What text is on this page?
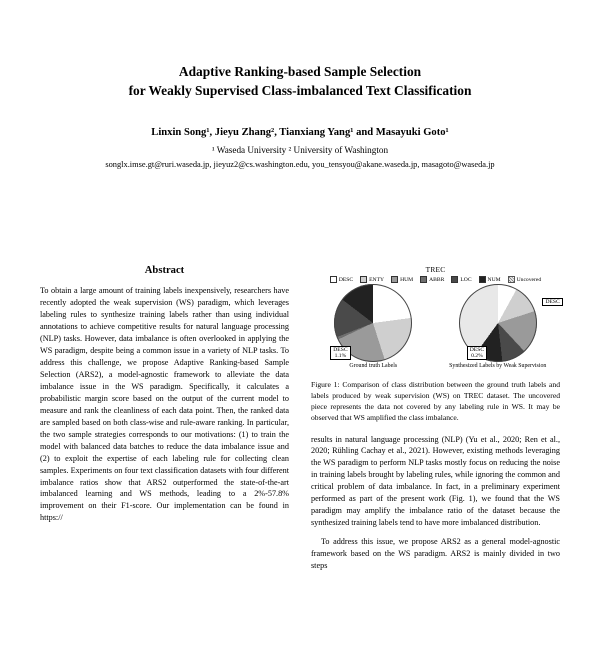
Adaptive Ranking-based Sample Selection
for Weakly Supervised Class-imbalanced Text Classification
Linxin Song¹, Jieyu Zhang², Tianxiang Yang¹ and Masayuki Goto¹
¹ Waseda University ² University of Washington
songlx.imse.gt@ruri.waseda.jp, jieyuz2@cs.washington.edu, you_tensyou@akane.waseda.jp, masagoto@waseda.jp
Abstract

To obtain a large amount of training labels inexpensively, researchers have recently adopted the weak supervision (WS) paradigm, which leverages labeling rules to synthesize training labels rather than using individual annotations to achieve competitive results for natural language processing (NLP) tasks. However, data imbalance is often overlooked in applying the WS paradigm, despite being a common issue in a variety of NLP tasks. To address this challenge, we propose Adaptive Ranking-based Sample Selection (ARS2), a model-agnostic framework to alleviate the data imbalance issue in the WS paradigm. Specifically, it calculates a probabilistic margin score based on the output of the current model to measure and rank the cleanliness of each data point. Then, the ranked data are sampled based on both class-wise and rule-aware ranking. In particular, the two sample strategies corresponds to our motivations: (1) to train the model with balanced data batches to reduce the data imbalance issue and (2) to exploit the expertise of each labeling rule for collecting clean samples. Experiments on four text classification datasets with four different imbalance ratios show that ARS2 outperformed the state-of-the-art imbalanced learning and WS methods, leading to a 2%-57.8% improvement on their F1-score. Our implementation can be found in https://

TREC
DESC	ENTY	HUM	ABBR	LOC	NUM	Uncovered
Ground truth Labels
DESC
1.1%
Synthesized Labels by Weak Supervision
DESC
DESC
0.2%
Figure 1: Comparison of class distribution between the ground truth labels and labels produced by weak supervision (WS) on TREC dataset. The uncovered piece represents the data not covered by any labeling rule in WS. It may be observed that WS amplified the class imbalance.

results in natural language processing (NLP) (Yu et al., 2020; Ren et al., 2020; Rühling Cachay et al., 2021). However, existing methods leveraging the WS paradigm to perform NLP tasks mostly focus on reducing the noise in training labels brought by labeling rules, while ignoring the common and critical problem of data imbalance. In fact, in a preliminary experiment performed as part of the present work (Fig. 1), we found that the WS paradigm may amplify the imbalance ratio of the dataset because the synthesized training labels tend to have more imbalanced distribution.

To address this issue, we propose ARS2 as a general model-agnostic framework based on the WS paradigm. ARS2 is mainly divided in two steps
